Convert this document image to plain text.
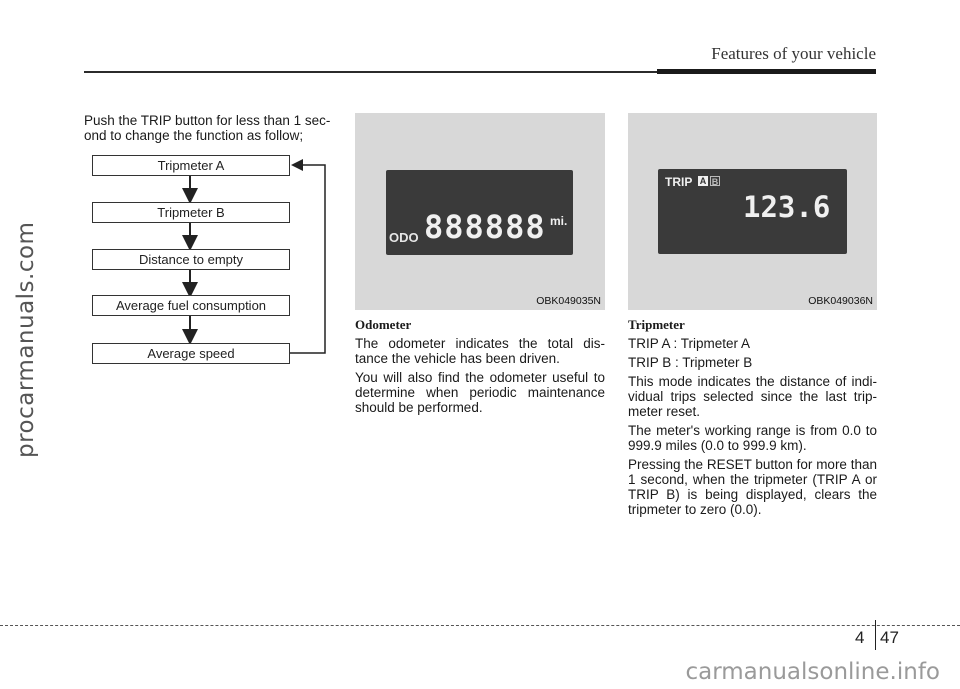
Features of your vehicle
procarmanuals.com
Push the TRIP button for less than 1 sec-ond to change the function as follow;
Tripmeter A
Tripmeter B
Distance to empty
Average fuel consumption
Average speed
ODO 888888 mi.
OBK049035N
TRIP A B
123.6
OBK049036N
Odometer

The odometer indicates the total dis-tance the vehicle has been driven.

You will also find the odometer useful to determine when periodic maintenance should be performed.

Tripmeter

TRIP A : Tripmeter A

TRIP B : Tripmeter B

This mode indicates the distance of indi-vidual trips selected since the last trip-meter reset.

The meter's working range is from 0.0 to 999.9 miles (0.0 to 999.9 km).

Pressing the RESET button for more than 1 second, when the tripmeter (TRIP A or TRIP B) is being displayed, clears the tripmeter to zero (0.0).

4 47
carmanualsonline.info
